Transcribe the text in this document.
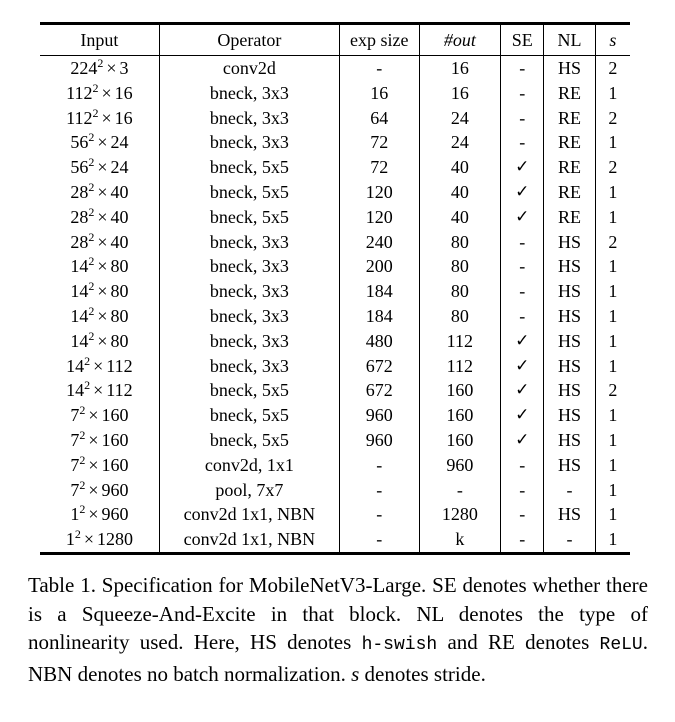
Input	Operator	exp size	#out	SE	NL	s
$224^2 \times 3$	conv2d	-	16	-	HS	2
$112^2 \times 16$	bneck, 3x3	16	16	-	RE	1
$112^2 \times 16$	bneck, 3x3	64	24	-	RE	2
$56^2 \times 24$	bneck, 3x3	72	24	-	RE	1
$56^2 \times 24$	bneck, 5x5	72	40	✓	RE	2
$28^2 \times 40$	bneck, 5x5	120	40	✓	RE	1
$28^2 \times 40$	bneck, 5x5	120	40	✓	RE	1
$28^2 \times 40$	bneck, 3x3	240	80	-	HS	2
$14^2 \times 80$	bneck, 3x3	200	80	-	HS	1
$14^2 \times 80$	bneck, 3x3	184	80	-	HS	1
$14^2 \times 80$	bneck, 3x3	184	80	-	HS	1
$14^2 \times 80$	bneck, 3x3	480	112	✓	HS	1
$14^2 \times 112$	bneck, 3x3	672	112	✓	HS	1
$14^2 \times 112$	bneck, 5x5	672	160	✓	HS	2
$7^2 \times 160$	bneck, 5x5	960	160	✓	HS	1
$7^2 \times 160$	bneck, 5x5	960	160	✓	HS	1
$7^2 \times 160$	conv2d, 1x1	-	960	-	HS	1
$7^2 \times 960$	pool, 7x7	-	-	-	-	1
$1^2 \times 960$	conv2d 1x1, NBN	-	1280	-	HS	1
$1^2 \times 1280$	conv2d 1x1, NBN	-	k	-	-	1
Table 1. Specification for MobileNetV3-Large. SE denotes whether there is a Squeeze-And-Excite in that block. NL denotes the type of nonlinearity used. Here, HS denotes h-swish and RE denotes ReLU. NBN denotes no batch normalization. s denotes stride.
